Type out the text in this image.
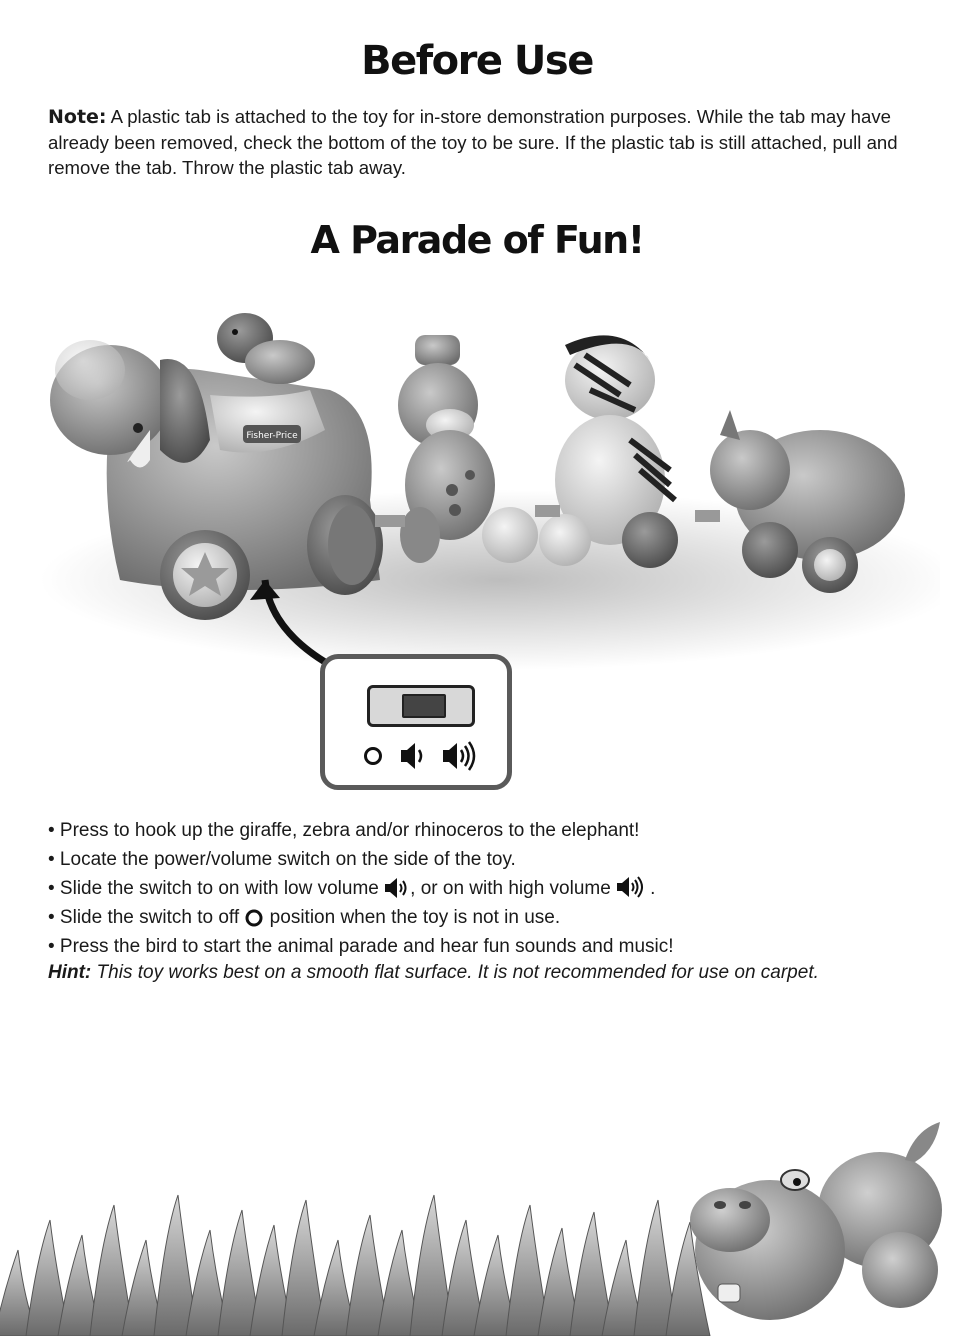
Before Use
Note: A plastic tab is attached to the toy for in-store demonstration purposes. While the tab may have already been removed, check the bottom of the toy to be sure. If the plastic tab is still attached, pull and remove the tab. Throw the plastic tab away.
A Parade of Fun!
Fisher-Price
• Press to hook up the giraffe, zebra and/or rhinoceros to the elephant!
• Locate the power/volume switch on the side of the toy.
• Slide the switch to on with low volume , or on with high volume .
• Slide the switch to off  position when the toy is not in use.
• Press the bird to start the animal parade and hear fun sounds and music!
Hint: This toy works best on a smooth flat surface. It is not recommended for use on carpet.
